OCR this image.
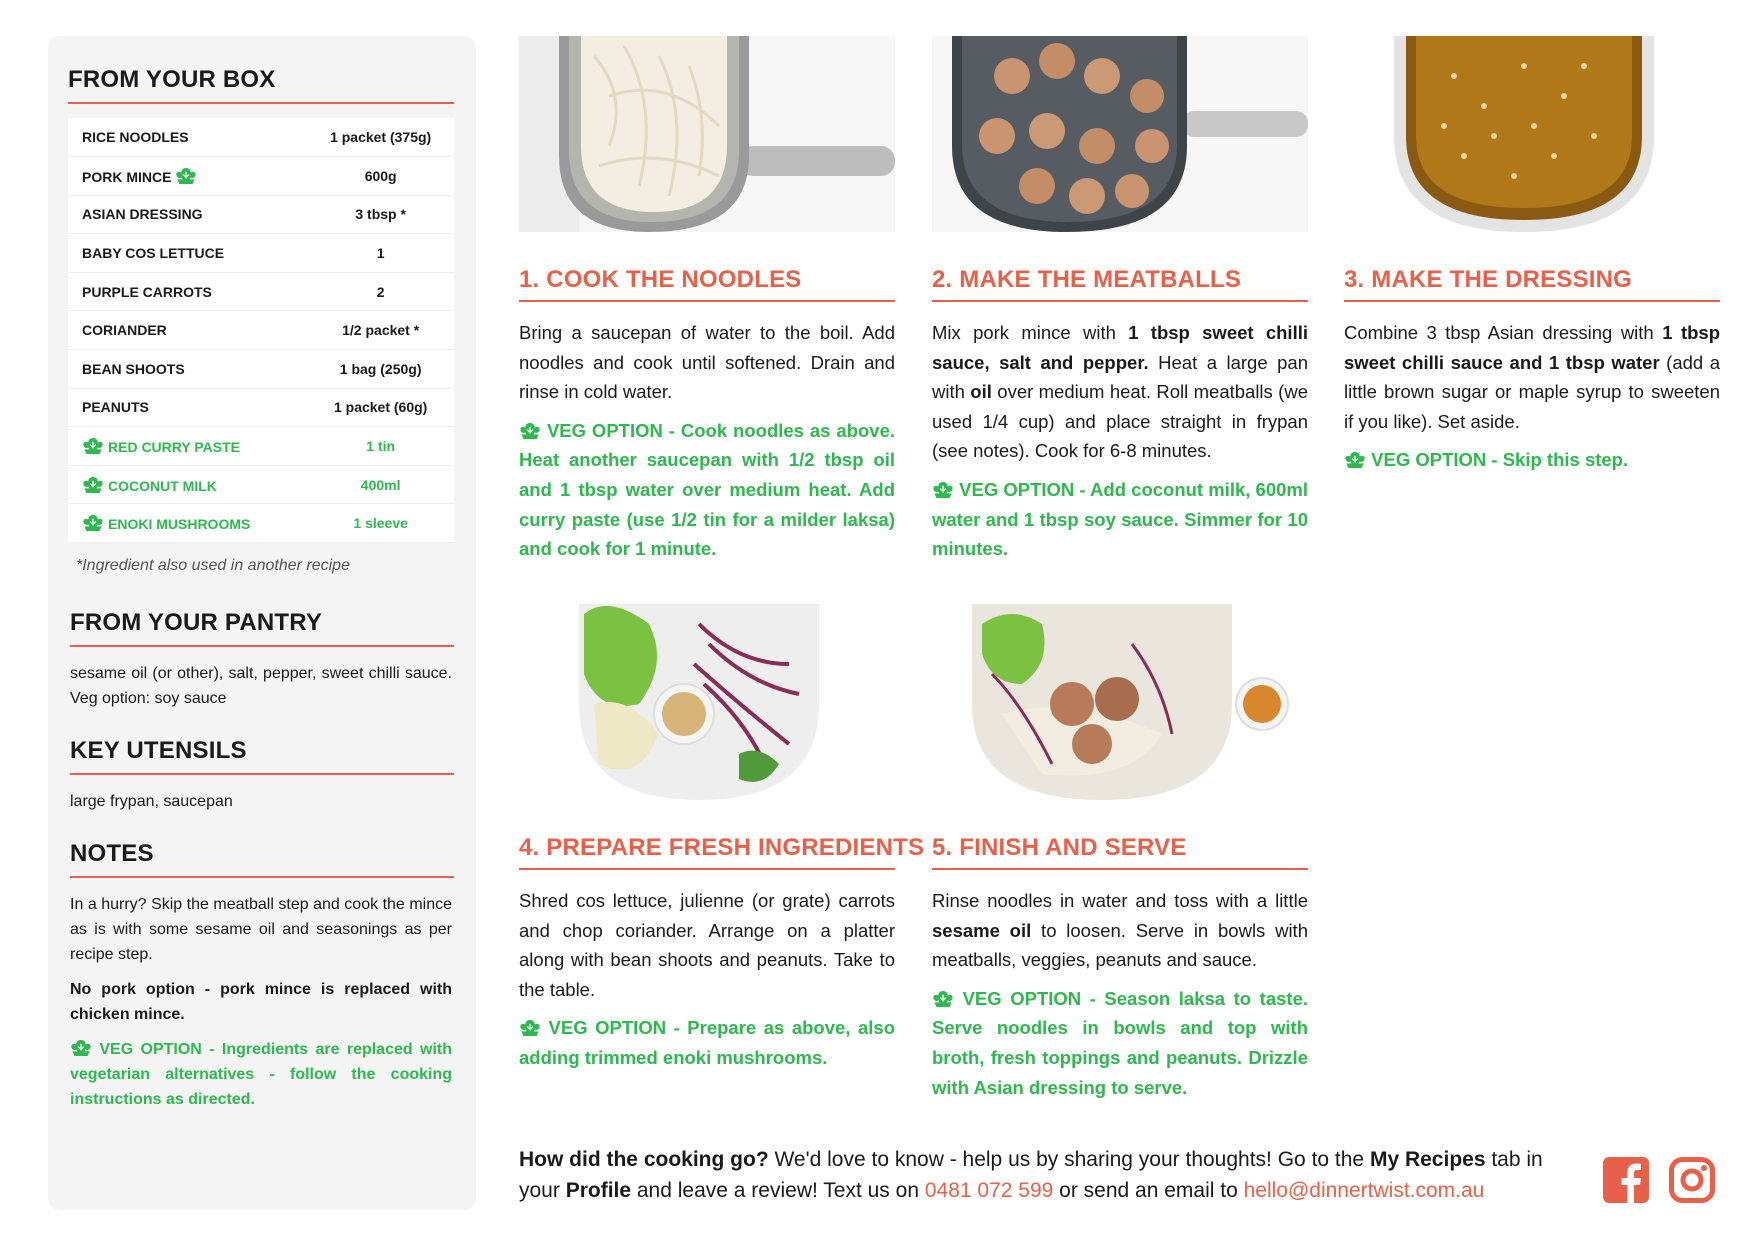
FROM YOUR BOX
RICE NOODLES	1 packet (375g)
PORK MINCE	600g
ASIAN DRESSING	3 tbsp *
BABY COS LETTUCE	1
PURPLE CARROTS	2
CORIANDER	1/2 packet *
BEAN SHOOTS	1 bag (250g)
PEANUTS	1 packet (60g)
RED CURRY PASTE	1 tin
COCONUT MILK	400ml
ENOKI MUSHROOMS	1 sleeve
*Ingredient also used in another recipe
FROM YOUR PANTRY
sesame oil (or other), salt, pepper, sweet chilli sauce. Veg option: soy sauce
KEY UTENSILS
large frypan, saucepan
NOTES
In a hurry? Skip the meatball step and cook the mince as is with some sesame oil and seasonings as per recipe step.
No pork option - pork mince is replaced with chicken mince.
VEG OPTION - Ingredients are replaced with vegetarian alternatives - follow the cooking instructions as directed.
1. COOK THE NOODLES
Bring a saucepan of water to the boil. Add noodles and cook until softened. Drain and rinse in cold water.
VEG OPTION - Cook noodles as above. Heat another saucepan with 1/2 tbsp oil and 1 tbsp water over medium heat. Add curry paste (use 1/2 tin for a milder laksa) and cook for 1 minute.
2. MAKE THE MEATBALLS
Mix pork mince with 1 tbsp sweet chilli sauce, salt and pepper. Heat a large pan with oil over medium heat. Roll meatballs (we used 1/4 cup) and place straight in frypan (see notes). Cook for 6-8 minutes.
VEG OPTION - Add coconut milk, 600ml water and 1 tbsp soy sauce. Simmer for 10 minutes.
3. MAKE THE DRESSING
Combine 3 tbsp Asian dressing with 1 tbsp sweet chilli sauce and 1 tbsp water (add a little brown sugar or maple syrup to sweeten if you like). Set aside.
VEG OPTION - Skip this step.
4. PREPARE FRESH INGREDIENTS
Shred cos lettuce, julienne (or grate) carrots and chop coriander. Arrange on a platter along with bean shoots and peanuts. Take to the table.
VEG OPTION - Prepare as above, also adding trimmed enoki mushrooms.
5. FINISH AND SERVE
Rinse noodles in water and toss with a little sesame oil to loosen. Serve in bowls with meatballs, veggies, peanuts and sauce.
VEG OPTION - Season laksa to taste. Serve noodles in bowls and top with broth, fresh toppings and peanuts. Drizzle with Asian dressing to serve.
How did the cooking go? We'd love to know - help us by sharing your thoughts! Go to the My Recipes tab in your Profile and leave a review! Text us on 0481 072 599 or send an email to hello@dinnertwist.com.au
